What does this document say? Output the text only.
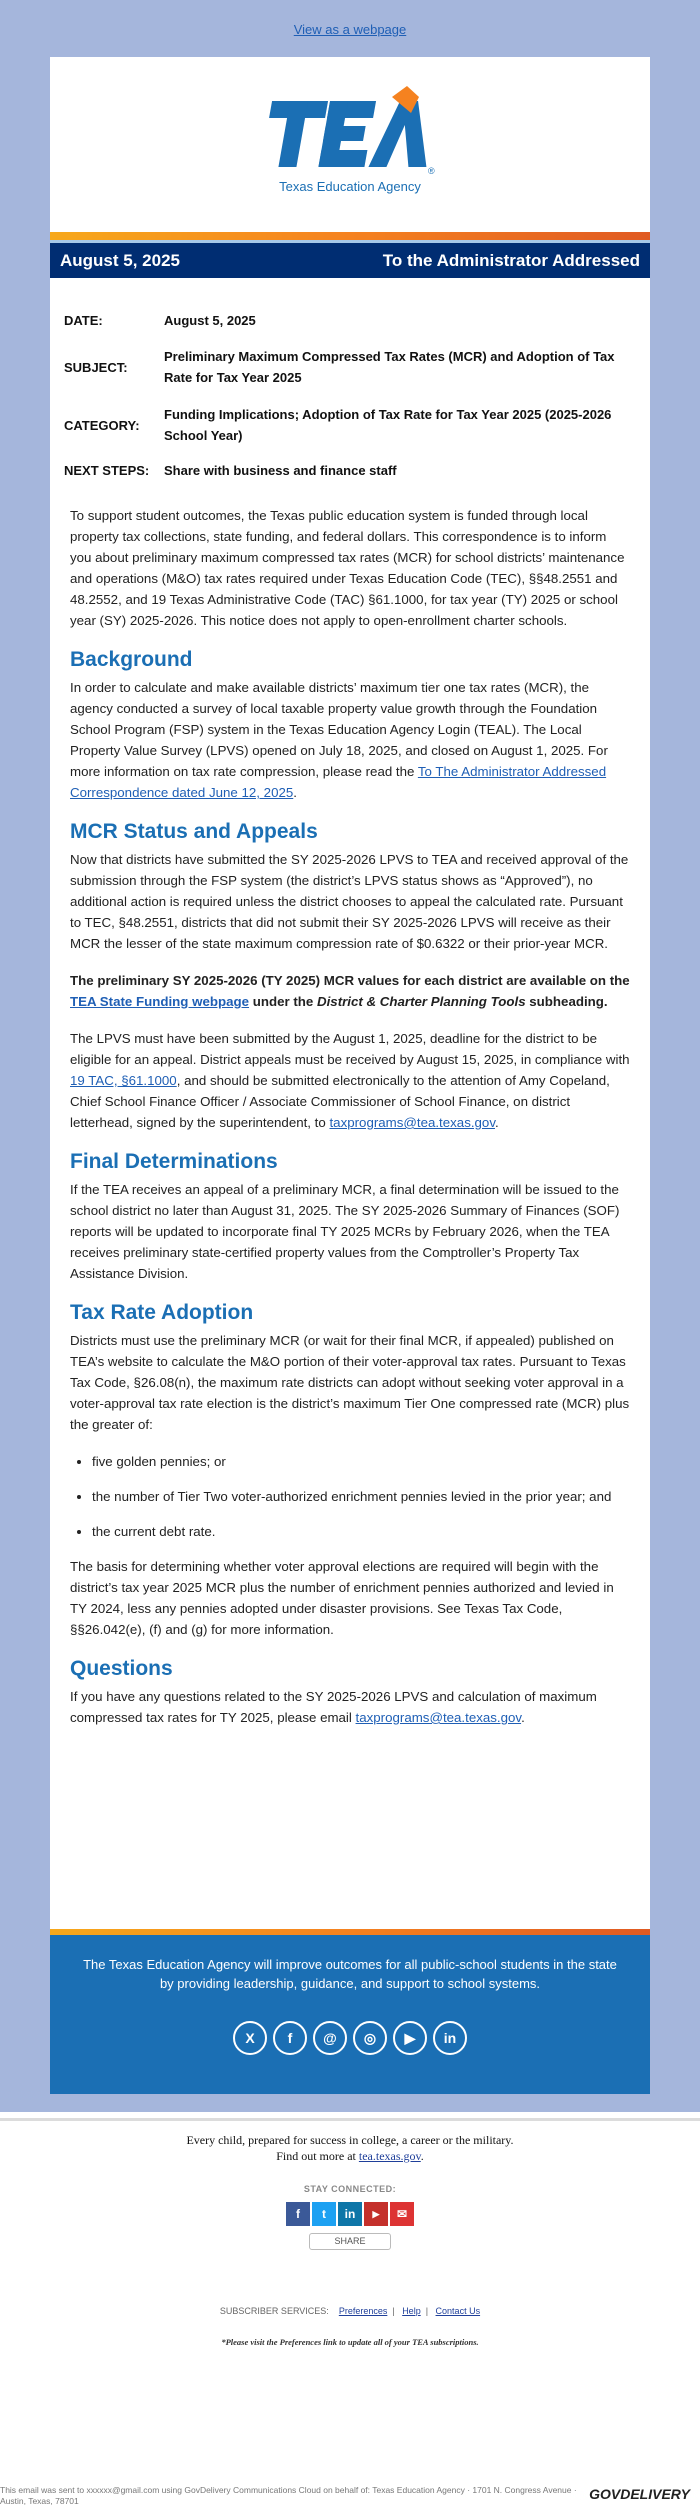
View as a webpage
®
Texas Education Agency
August 5, 2025	To the Administrator Addressed
DATE:	August 5, 2025
SUBJECT:	Preliminary Maximum Compressed Tax Rates (MCR) and Adoption of Tax Rate for Tax Year 2025
CATEGORY:	Funding Implications; Adoption of Tax Rate for Tax Year 2025 (2025-2026 School Year)
NEXT STEPS:	Share with business and finance staff

To support student outcomes, the Texas public education system is funded through local property tax collections, state funding, and federal dollars. This correspondence is to inform you about preliminary maximum compressed tax rates (MCR) for school districts’ maintenance and operations (M&O) tax rates required under Texas Education Code (TEC), §§48.2551 and 48.2552, and 19 Texas Administrative Code (TAC) §61.1000, for tax year (TY) 2025 or school year (SY) 2025-2026. This notice does not apply to open-enrollment charter schools.

Background

In order to calculate and make available districts’ maximum tier one tax rates (MCR), the agency conducted a survey of local taxable property value growth through the Foundation School Program (FSP) system in the Texas Education Agency Login (TEAL). The Local Property Value Survey (LPVS) opened on July 18, 2025, and closed on August 1, 2025. For more information on tax rate compression, please read the To The Administrator Addressed Correspondence dated June 12, 2025.

MCR Status and Appeals

Now that districts have submitted the SY 2025-2026 LPVS to TEA and received approval of the submission through the FSP system (the district’s LPVS status shows as “Approved”), no additional action is required unless the district chooses to appeal the calculated rate. Pursuant to TEC, §48.2551, districts that did not submit their SY 2025-2026 LPVS will receive as their MCR the lesser of the state maximum compression rate of $0.6322 or their prior-year MCR.

The preliminary SY 2025-2026 (TY 2025) MCR values for each district are available on the TEA State Funding webpage under the District & Charter Planning Tools subheading.

The LPVS must have been submitted by the August 1, 2025, deadline for the district to be eligible for an appeal. District appeals must be received by August 15, 2025, in compliance with 19 TAC, §61.1000, and should be submitted electronically to the attention of Amy Copeland, Chief School Finance Officer / Associate Commissioner of School Finance, on district letterhead, signed by the superintendent, to taxprograms@tea.texas.gov.

Final Determinations

If the TEA receives an appeal of a preliminary MCR, a final determination will be issued to the school district no later than August 31, 2025. The SY 2025-2026 Summary of Finances (SOF) reports will be updated to incorporate final TY 2025 MCRs by February 2026, when the TEA receives preliminary state-certified property values from the Comptroller’s Property Tax Assistance Division.

Tax Rate Adoption

Districts must use the preliminary MCR (or wait for their final MCR, if appealed) published on TEA’s website to calculate the M&O portion of their voter-approval tax rates. Pursuant to Texas Tax Code, §26.08(n), the maximum rate districts can adopt without seeking voter approval in a voter-approval tax rate election is the district’s maximum Tier One compressed rate (MCR) plus the greater of:

• five golden pennies; or
• the number of Tier Two voter-authorized enrichment pennies levied in the prior year; and
• the current debt rate.

The basis for determining whether voter approval elections are required will begin with the district’s tax year 2025 MCR plus the number of enrichment pennies authorized and levied in TY 2024, less any pennies adopted under disaster provisions. See Texas Tax Code, §§26.042(e), (f) and (g) for more information.

Questions

If you have any questions related to the SY 2025-2026 LPVS and calculation of maximum compressed tax rates for TY 2025, please email taxprograms@tea.texas.gov.

The Texas Education Agency will improve outcomes for all public-school students in the state by providing leadership, guidance, and support to school systems.
X f @ ◎ ▶ in
Every child, prepared for success in college, a career or the military.
Find out more at tea.texas.gov.
STAY CONNECTED:
f t in ▶ ✉
SHARE
SUBSCRIBER SERVICES: Preferences  |   Help  |   Contact Us
*Please visit the Preferences link to update all of your TEA subscriptions.
This email was sent to xxxxxx@gmail.com using GovDelivery Communications Cloud on behalf of: Texas Education Agency · 1701 N. Congress Avenue · Austin, Texas, 78701	GOVDELIVERY
